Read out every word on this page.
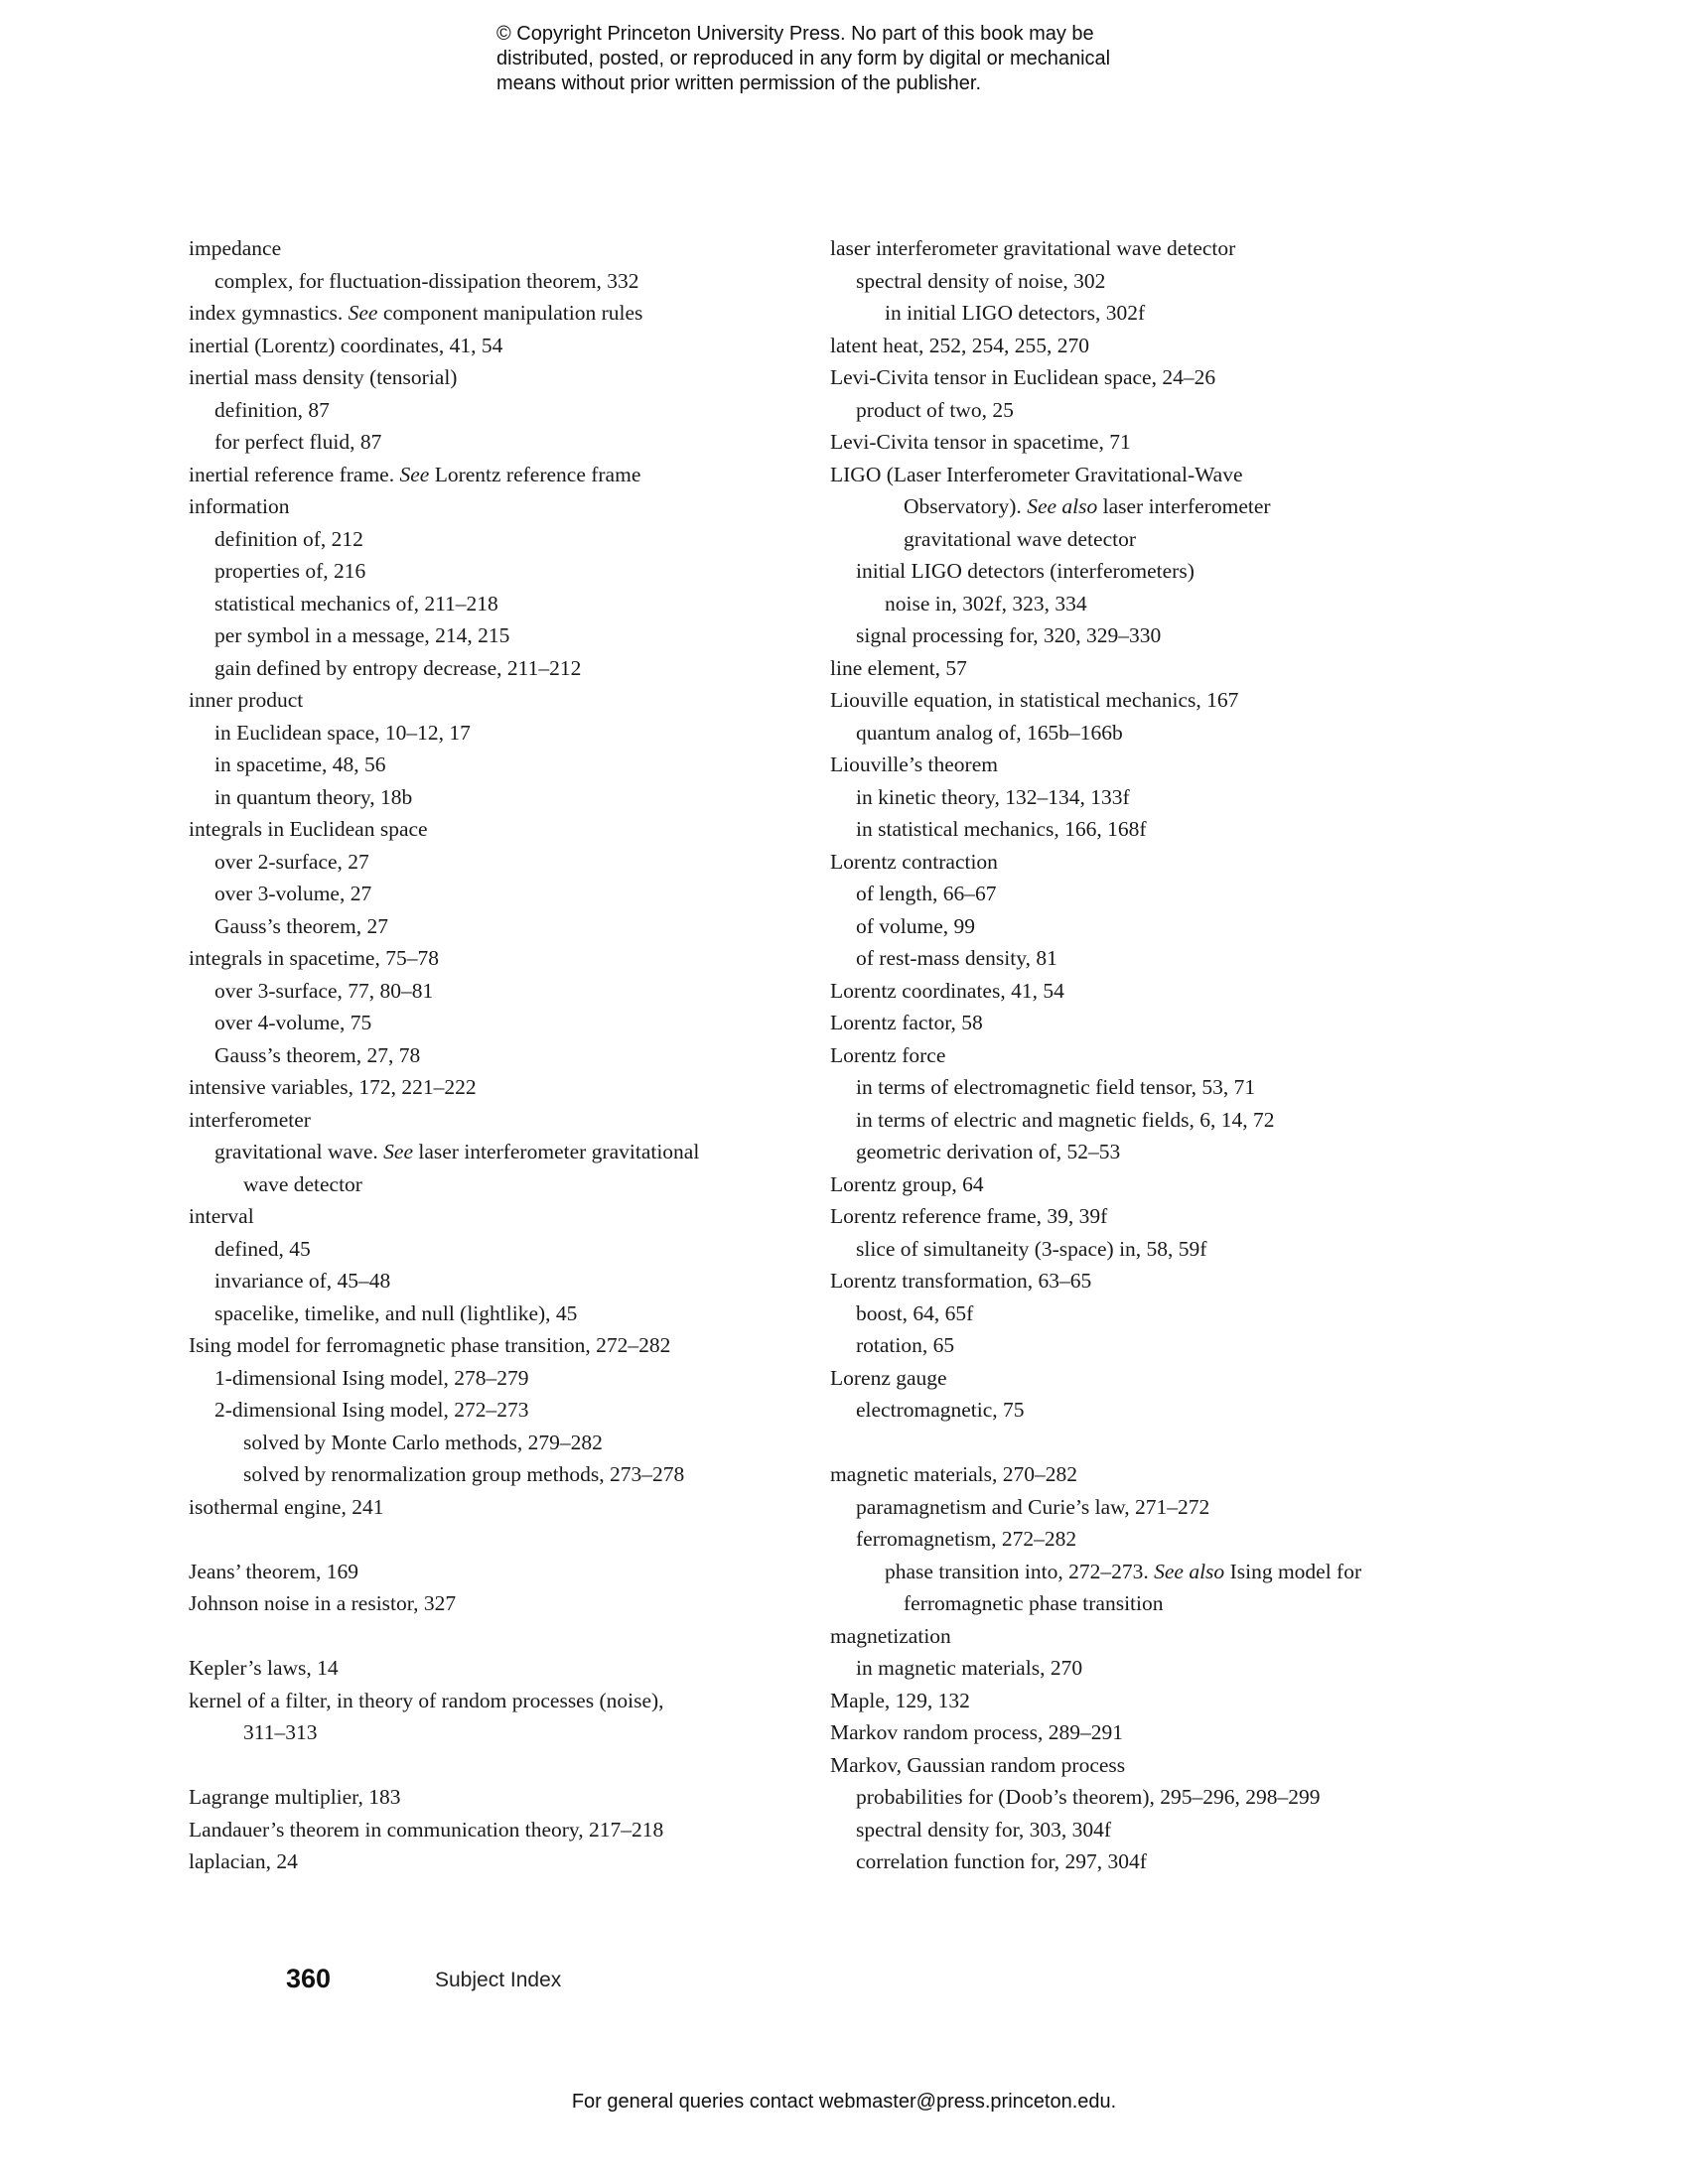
© Copyright Princeton University Press. No part of this book may be
distributed, posted, or reproduced in any form by digital or mechanical
means without prior written permission of the publisher.
impedance
complex, for fluctuation-dissipation theorem, 332
index gymnastics. See component manipulation rules
inertial (Lorentz) coordinates, 41, 54
inertial mass density (tensorial)
definition, 87
for perfect fluid, 87
inertial reference frame. See Lorentz reference frame
information
definition of, 212
properties of, 216
statistical mechanics of, 211–218
per symbol in a message, 214, 215
gain defined by entropy decrease, 211–212
inner product
in Euclidean space, 10–12, 17
in spacetime, 48, 56
in quantum theory, 18b
integrals in Euclidean space
over 2-surface, 27
over 3-volume, 27
Gauss’s theorem, 27
integrals in spacetime, 75–78
over 3-surface, 77, 80–81
over 4-volume, 75
Gauss’s theorem, 27, 78
intensive variables, 172, 221–222
interferometer
gravitational wave. See laser interferometer gravitational
wave detector
interval
defined, 45
invariance of, 45–48
spacelike, timelike, and null (lightlike), 45
Ising model for ferromagnetic phase transition, 272–282
1-dimensional Ising model, 278–279
2-dimensional Ising model, 272–273
solved by Monte Carlo methods, 279–282
solved by renormalization group methods, 273–278
isothermal engine, 241
Jeans’ theorem, 169
Johnson noise in a resistor, 327
Kepler’s laws, 14
kernel of a filter, in theory of random processes (noise),
311–313
Lagrange multiplier, 183
Landauer’s theorem in communication theory, 217–218
laplacian, 24
laser interferometer gravitational wave detector
spectral density of noise, 302
in initial LIGO detectors, 302f
latent heat, 252, 254, 255, 270
Levi-Civita tensor in Euclidean space, 24–26
product of two, 25
Levi-Civita tensor in spacetime, 71
LIGO (Laser Interferometer Gravitational-Wave
Observatory). See also laser interferometer
gravitational wave detector
initial LIGO detectors (interferometers)
noise in, 302f, 323, 334
signal processing for, 320, 329–330
line element, 57
Liouville equation, in statistical mechanics, 167
quantum analog of, 165b–166b
Liouville’s theorem
in kinetic theory, 132–134, 133f
in statistical mechanics, 166, 168f
Lorentz contraction
of length, 66–67
of volume, 99
of rest-mass density, 81
Lorentz coordinates, 41, 54
Lorentz factor, 58
Lorentz force
in terms of electromagnetic field tensor, 53, 71
in terms of electric and magnetic fields, 6, 14, 72
geometric derivation of, 52–53
Lorentz group, 64
Lorentz reference frame, 39, 39f
slice of simultaneity (3-space) in, 58, 59f
Lorentz transformation, 63–65
boost, 64, 65f
rotation, 65
Lorenz gauge
electromagnetic, 75
magnetic materials, 270–282
paramagnetism and Curie’s law, 271–272
ferromagnetism, 272–282
phase transition into, 272–273. See also Ising model for
ferromagnetic phase transition
magnetization
in magnetic materials, 270
Maple, 129, 132
Markov random process, 289–291
Markov, Gaussian random process
probabilities for (Doob’s theorem), 295–296, 298–299
spectral density for, 303, 304f
correlation function for, 297, 304f
360	Subject Index
For general queries contact webmaster@press.princeton.edu.
